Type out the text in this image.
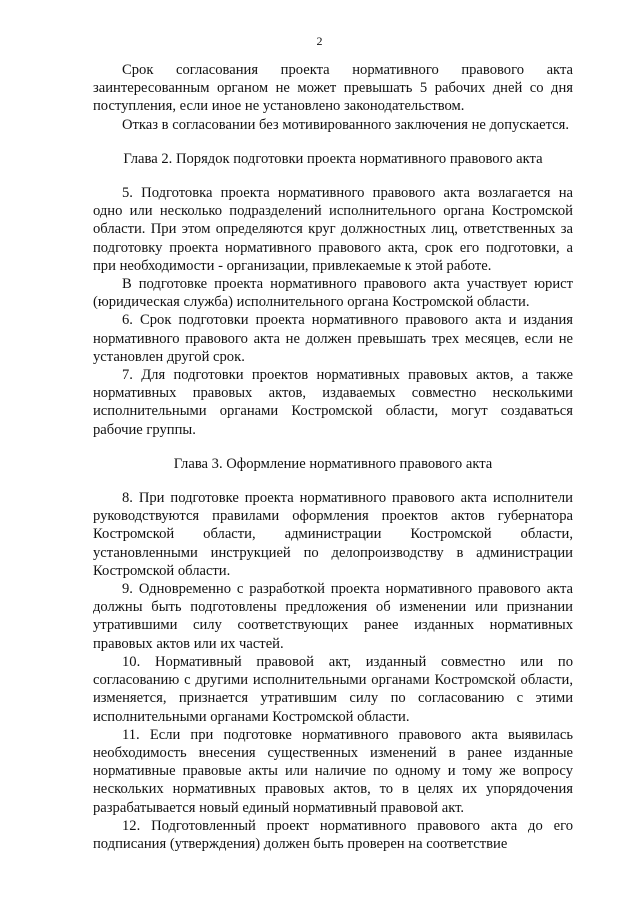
2

Срок согласования проекта нормативного правового акта заинтересованным органом не может превышать 5 рабочих дней со дня поступления, если иное не установлено законодательством.

Отказ в согласовании без мотивированного заключения не допускается.

Глава 2. Порядок подготовки проекта нормативного правового акта

5. Подготовка проекта нормативного правового акта возлагается на одно или несколько подразделений исполнительного органа Костромской области. При этом определяются круг должностных лиц, ответственных за подготовку проекта нормативного правового акта, срок его подготовки, а при необходимости - организации, привлекаемые к этой работе.

В подготовке проекта нормативного правового акта участвует юрист (юридическая служба) исполнительного органа Костромской области.

6. Срок подготовки проекта нормативного правового акта и издания нормативного правового акта не должен превышать трех месяцев, если не установлен другой срок.

7. Для подготовки проектов нормативных правовых актов, а также нормативных правовых актов, издаваемых совместно несколькими исполнительными органами Костромской области, могут создаваться рабочие группы.

Глава 3. Оформление нормативного правового акта

8. При подготовке проекта нормативного правового акта исполнители руководствуются правилами оформления проектов актов губернатора Костромской области, администрации Костромской области, установленными инструкцией по делопроизводству в администрации Костромской области.

9. Одновременно с разработкой проекта нормативного правового акта должны быть подготовлены предложения об изменении или признании утратившими силу соответствующих ранее изданных нормативных правовых актов или их частей.

10. Нормативный правовой акт, изданный совместно или по согласованию с другими исполнительными органами Костромской области, изменяется, признается утратившим силу по согласованию с этими исполнительными органами Костромской области.

11. Если при подготовке нормативного правового акта выявилась необходимость внесения существенных изменений в ранее изданные нормативные правовые акты или наличие по одному и тому же вопросу нескольких нормативных правовых актов, то в целях их упорядочения разрабатывается новый единый нормативный правовой акт.

12. Подготовленный проект нормативного правового акта до его подписания (утверждения) должен быть проверен на соответствие
